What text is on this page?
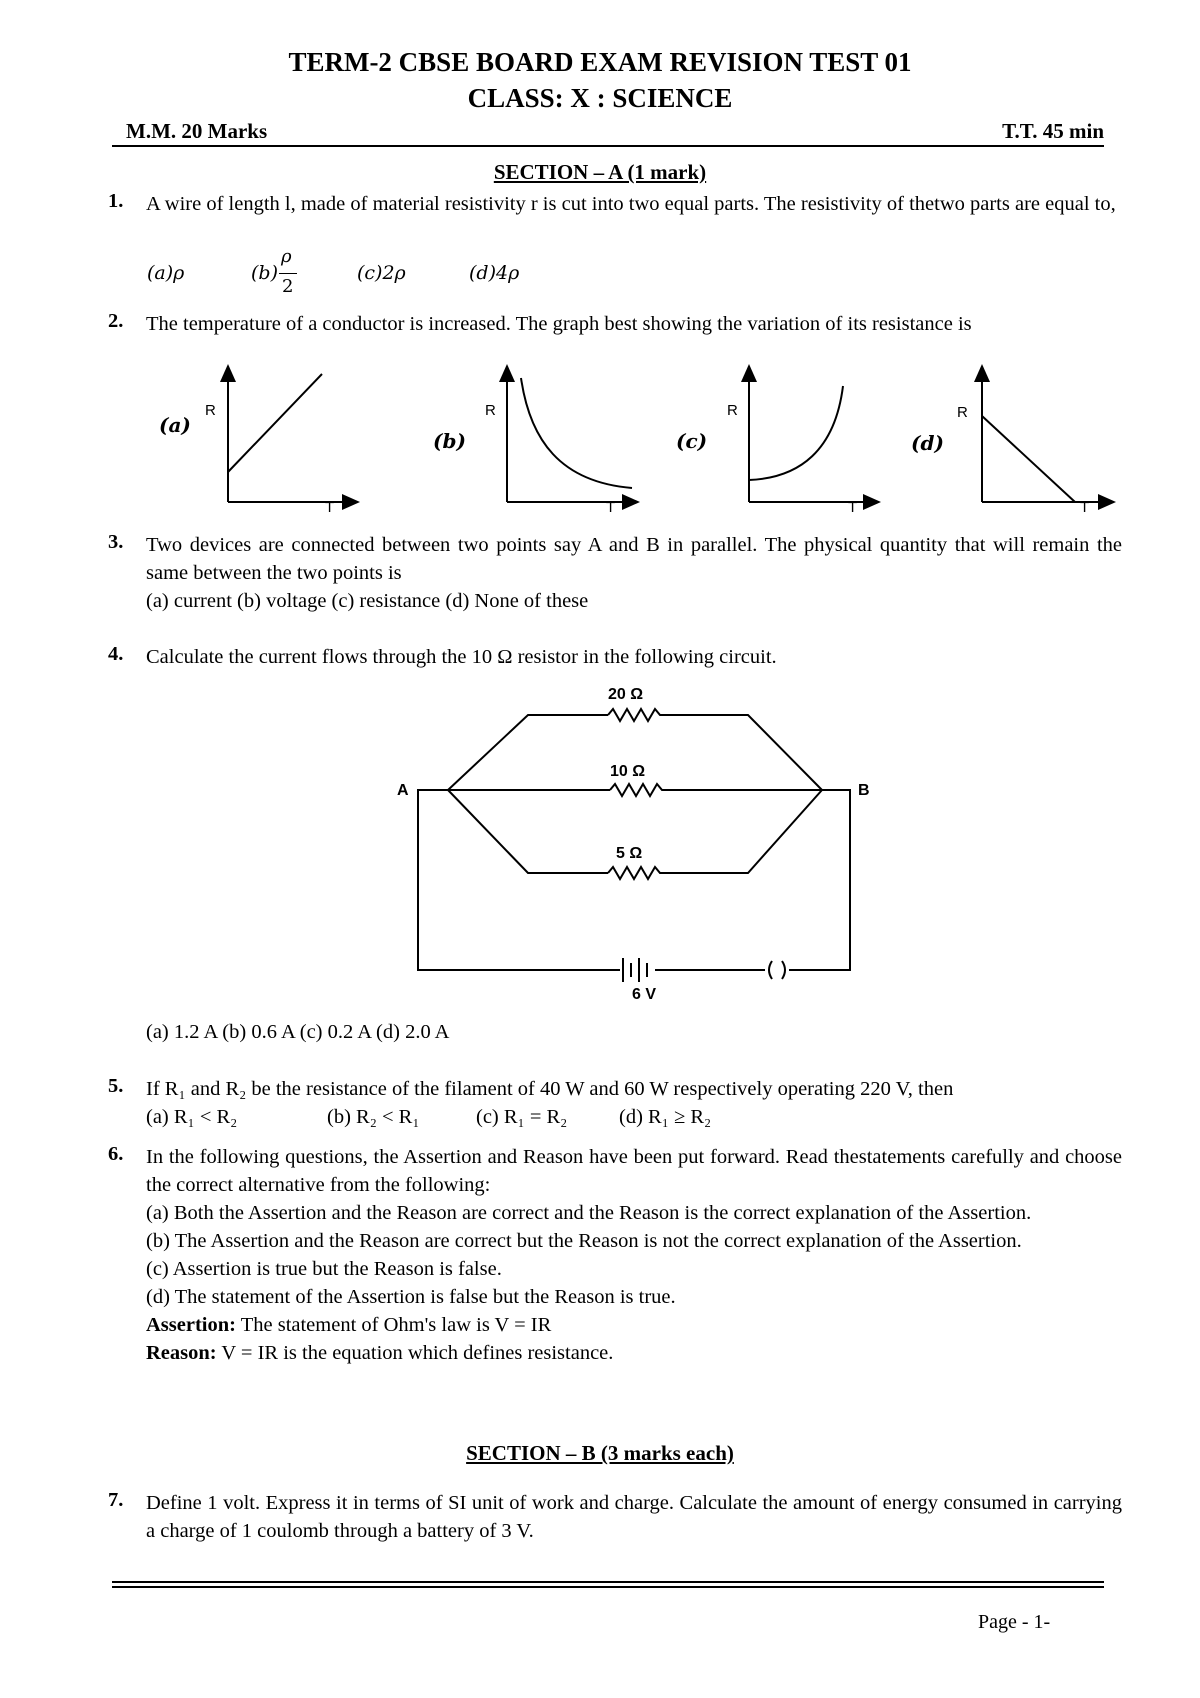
TERM-2 CBSE BOARD EXAM REVISION TEST 01
CLASS: X : SCIENCE
M.M. 20 Marks	T.T. 45 min
SECTION – A (1 mark)
1. A wire of length l, made of material resistivity r is cut into two equal parts. The resistivity of thetwo parts are equal to,
(a)ρ	(b)
ρ
2
(c)2ρ	(d)4ρ
2. The temperature of a conductor is increased. The graph best showing the variation of its resistance is
(a)
R
T
(b)
R
T
(c)
R
T
(d)
R
T
3. Two devices are connected between two points say A and B in parallel. The physical quantity that will remain the same between the two points is
(a) current (b) voltage (c) resistance (d) None of these
4. Calculate the current flows through the 10 Ω resistor in the following circuit.
20 Ω
10 Ω
5 Ω
A	B
6 V
(a) 1.2 A (b) 0.6 A (c) 0.2 A (d) 2.0 A
5. If R₁ and R₂ be the resistance of the filament of 40 W and 60 W respectively operating 220 V, then
(a) R₁ < R₂	(b) R₂ < R₁	(c) R₁ = R₂	(d) R₁ ≥ R₂
6. In the following questions, the Assertion and Reason have been put forward. Read thestatements carefully and choose the correct alternative from the following:
(a) Both the Assertion and the Reason are correct and the Reason is the correct explanation of the Assertion.
(b) The Assertion and the Reason are correct but the Reason is not the correct explanation of the Assertion.
(c) Assertion is true but the Reason is false.
(d) The statement of the Assertion is false but the Reason is true.
Assertion: The statement of Ohm's law is V = IR
Reason: V = IR is the equation which defines resistance.
SECTION – B (3 marks each)
7. Define 1 volt. Express it in terms of SI unit of work and charge. Calculate the amount of energy consumed in carrying a charge of 1 coulomb through a battery of 3 V.
Page - 1-
